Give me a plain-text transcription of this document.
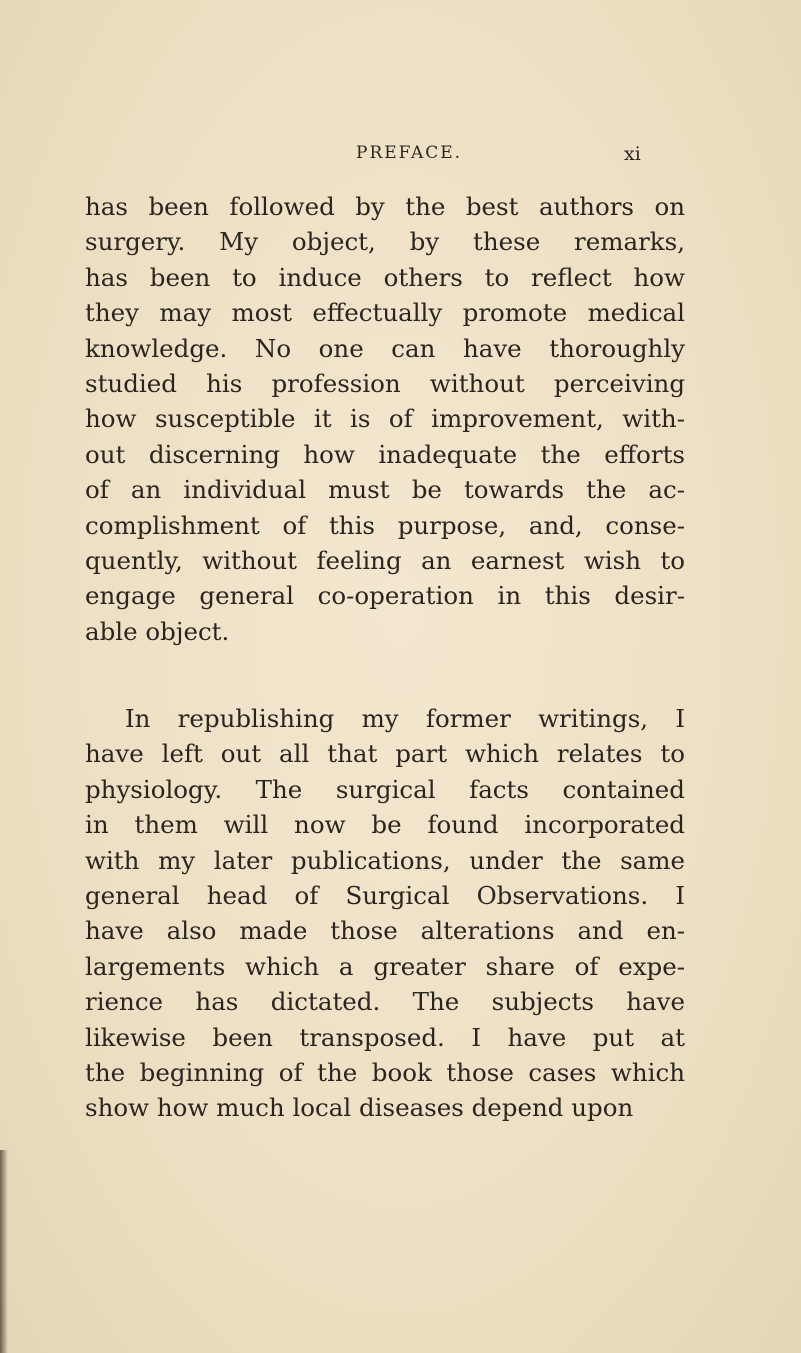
PREFACE.	xi
has been followed by the best authors on
surgery. My object, by these remarks,
has been to induce others to reflect how
they may most effectually promote medical
knowledge. No one can have thoroughly
studied his profession without perceiving
how susceptible it is of improvement, with-
out discerning how inadequate the efforts
of an individual must be towards the ac-
complishment of this purpose, and, conse-
quently, without feeling an earnest wish to
engage general co-operation in this desir-
able object.
In republishing my former writings, I
have left out all that part which relates to
physiology. The surgical facts contained
in them will now be found incorporated
with my later publications, under the same
general head of Surgical Observations. I
have also made those alterations and en-
largements which a greater share of expe-
rience has dictated. The subjects have
likewise been transposed. I have put at
the beginning of the book those cases which
show how much local diseases depend upon
